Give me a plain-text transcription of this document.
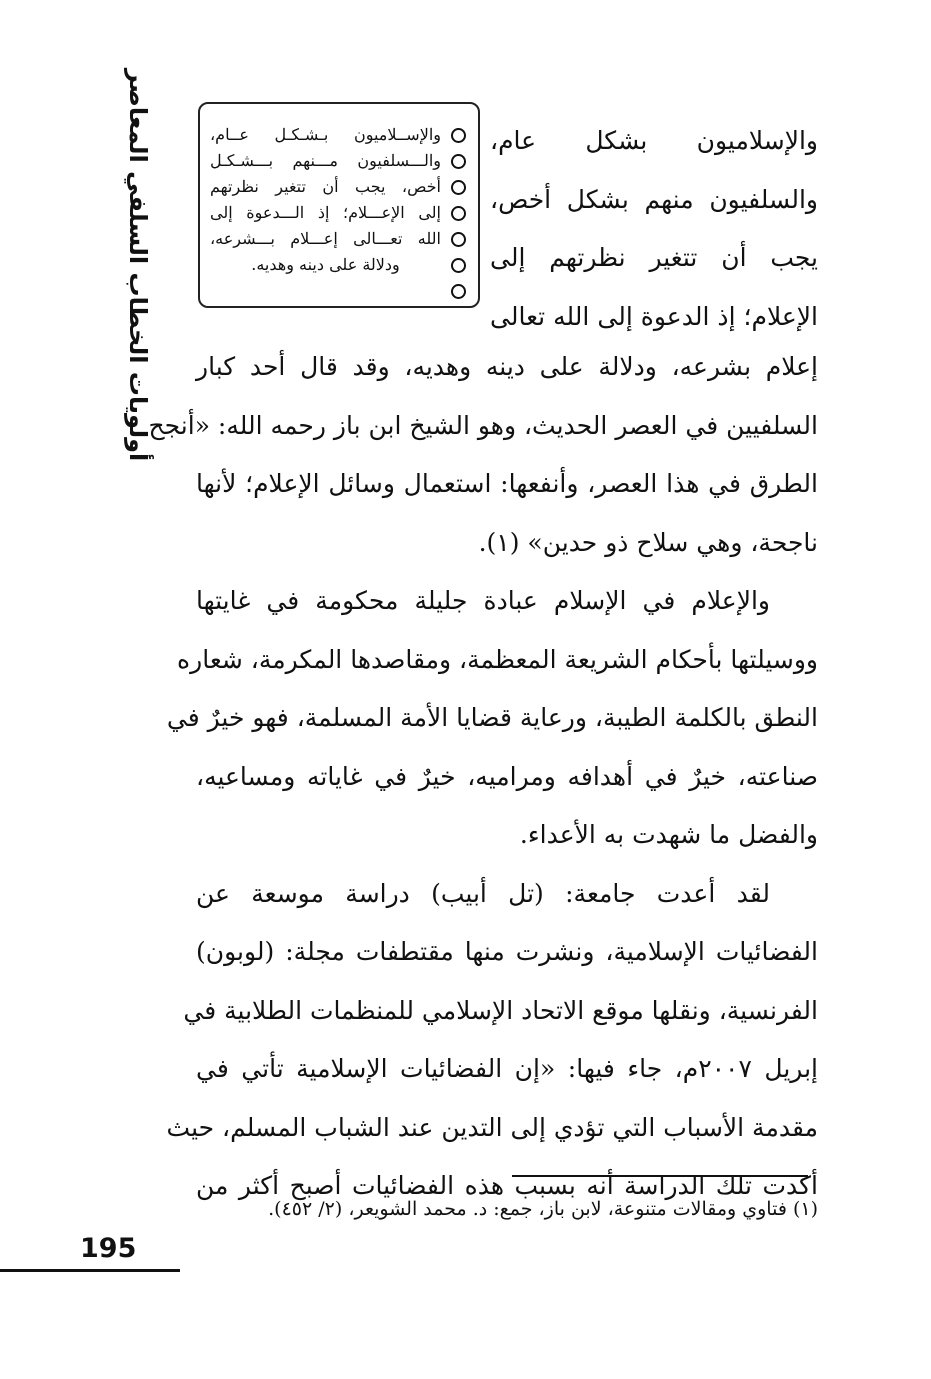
أولويات الخطاب السلفي المعاصر	والإســلاميون بـشـكـل عــام،
والـــسلفيون مـــنهم بـــشـكـل
أخص، يجب أن تتغير نظرتهم
إلى الإعـــلام؛ إذ الـــدعوة إلى
الله تعـــالى إعـــلام بـــشرعه،
ودلالة على دينه وهديه.
والإسلاميون بشكل عام،
والسلفيون منهم بشكل أخص،
يجب أن تتغير نظرتهم إلى
الإعلام؛ إذ الدعوة إلى الله تعالى
إعلام بشرعه، ودلالة على دينه وهديه، وقد قال أحد كبار
السلفيين في العصر الحديث، وهو الشيخ ابن باز رحمه الله: «أنجح
الطرق في هذا العصر، وأنفعها: استعمال وسائل الإعلام؛ لأنها
ناجحة، وهي سلاح ذو حدين» (١).
والإعلام في الإسلام عبادة جليلة محكومة في غايتها
ووسيلتها بأحكام الشريعة المعظمة، ومقاصدها المكرمة، شعاره
النطق بالكلمة الطيبة، ورعاية قضايا الأمة المسلمة، فهو خيرٌ في
صناعته، خيرٌ في أهدافه ومراميه، خيرٌ في غاياته ومساعيه،
والفضل ما شهدت به الأعداء.
لقد أعدت جامعة: (تل أبيب) دراسة موسعة عن
الفضائيات الإسلامية، ونشرت منها مقتطفات مجلة: (لوبون)
الفرنسية، ونقلها موقع الاتحاد الإسلامي للمنظمات الطلابية في
إبريل ٢٠٠٧م، جاء فيها: «إن الفضائيات الإسلامية تأتي في
مقدمة الأسباب التي تؤدي إلى التدين عند الشباب المسلم، حيث
أكدت تلك الدراسة أنه بسبب هذه الفضائيات أصبح أكثر من
(١) فتاوي ومقالات متنوعة، لابن باز، جمع: د. محمد الشويعر، (٢/ ٤٥٢).
195
